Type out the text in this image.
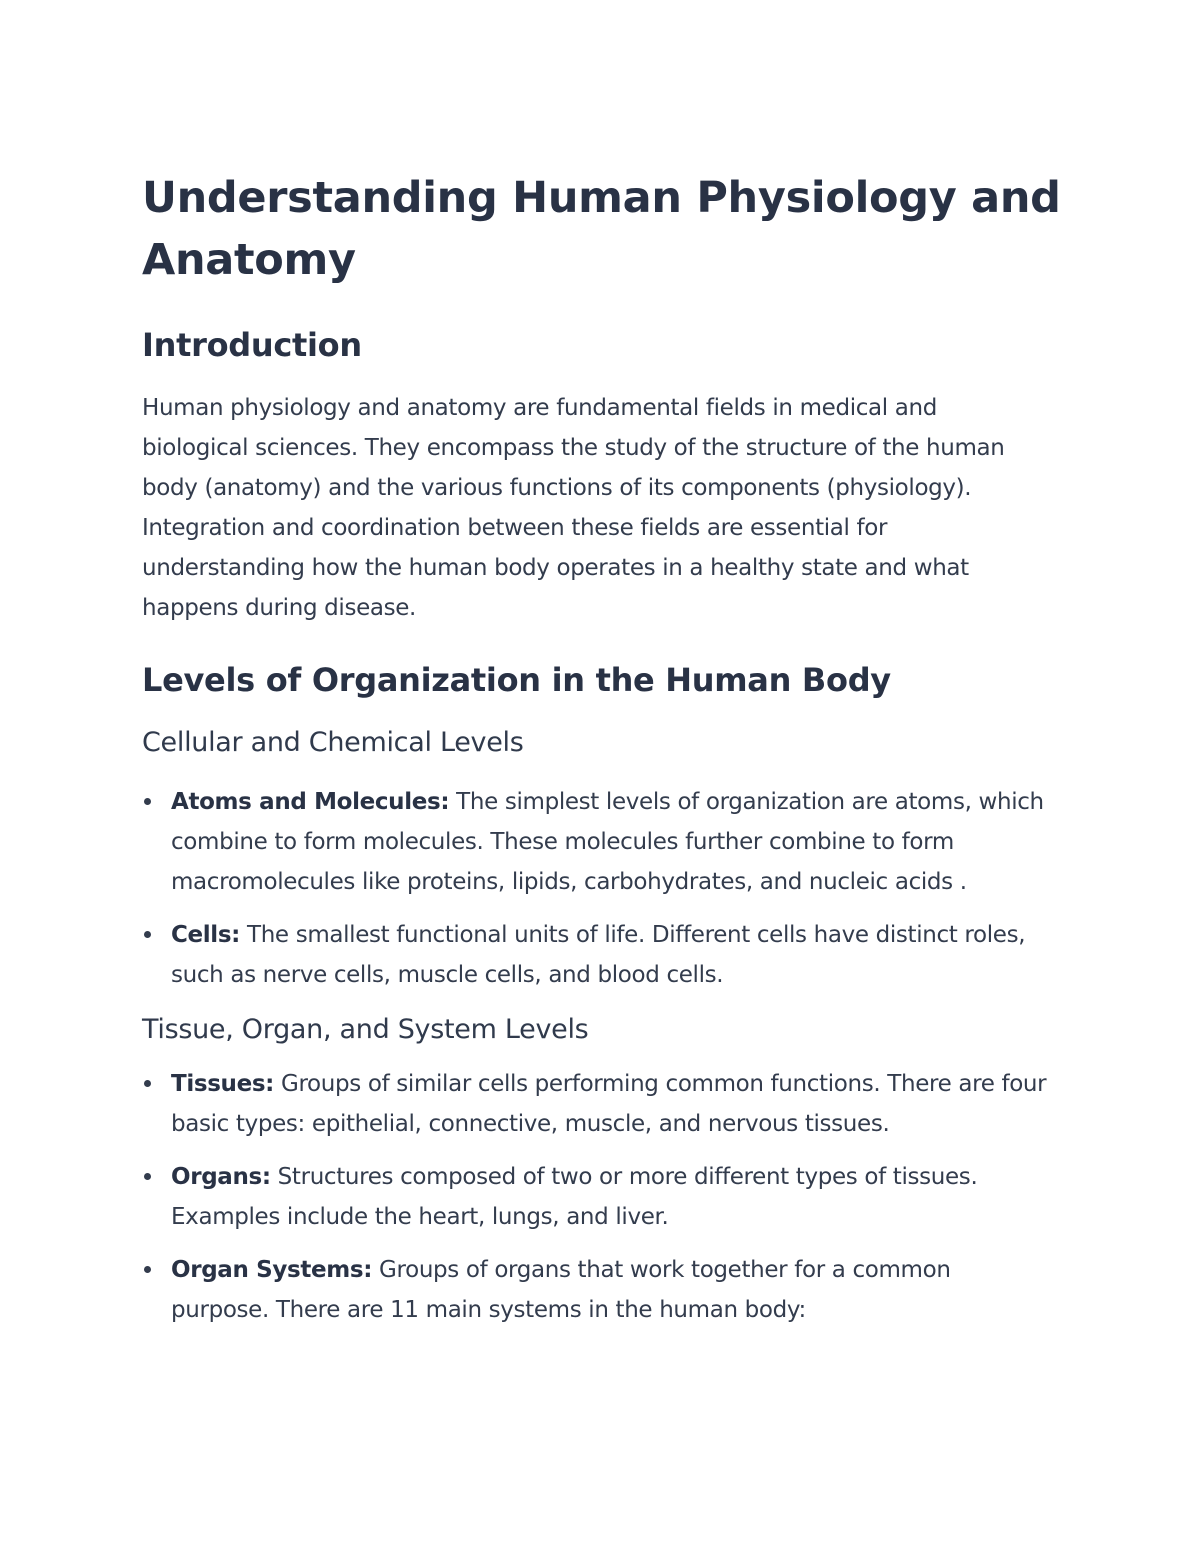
Understanding Human Physiology and Anatomy
Introduction

Human physiology and anatomy are fundamental fields in medical and biological sciences. They encompass the study of the structure of the human body (anatomy) and the various functions of its components (physiology). Integration and coordination between these fields are essential for understanding how the human body operates in a healthy state and what happens during disease.

Levels of Organization in the Human Body
Cellular and Chemical Levels
Atoms and Molecules: The simplest levels of organization are atoms, which combine to form molecules. These molecules further combine to form macromolecules like proteins, lipids, carbohydrates, and nucleic acids .
Cells: The smallest functional units of life. Different cells have distinct roles, such as nerve cells, muscle cells, and blood cells.
Tissue, Organ, and System Levels
Tissues: Groups of similar cells performing common functions. There are four basic types: epithelial, connective, muscle, and nervous tissues.
Organs: Structures composed of two or more different types of tissues. Examples include the heart, lungs, and liver.
Organ Systems: Groups of organs that work together for a common purpose. There are 11 main systems in the human body:
